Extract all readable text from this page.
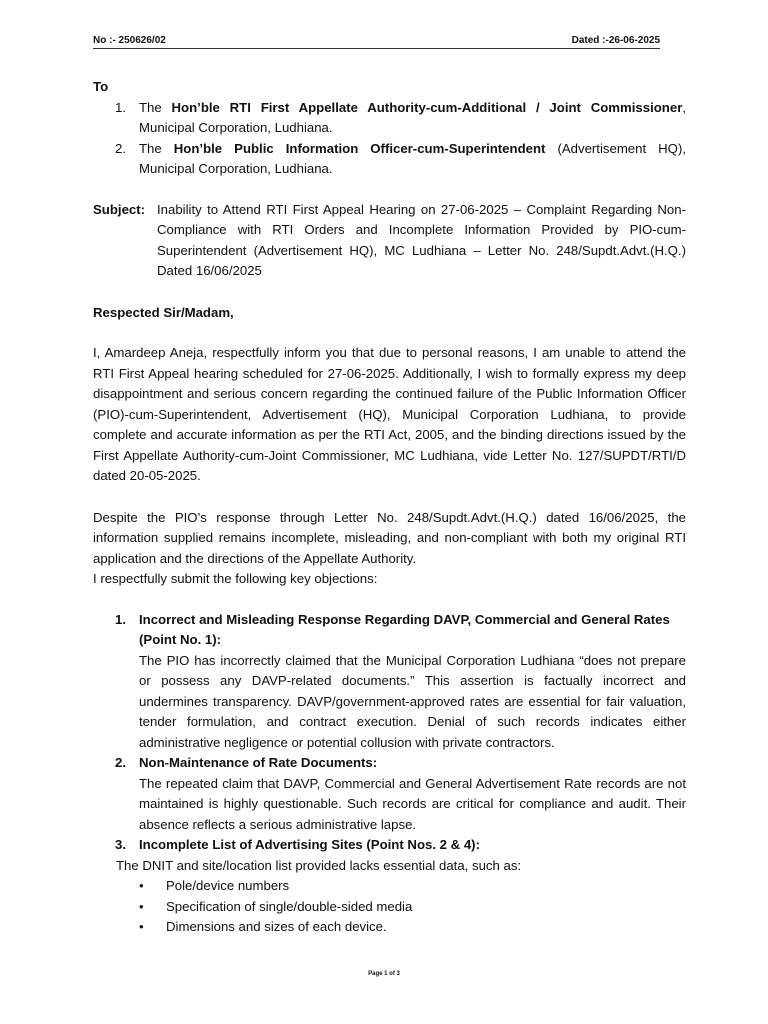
No :- 250626/02	Dated :-26-06-2025

To

1. The Hon’ble RTI First Appellate Authority-cum-Additional / Joint Commissioner, Municipal Corporation, Ludhiana.
2. The Hon’ble Public Information Officer-cum-Superintendent (Advertisement HQ), Municipal Corporation, Ludhiana.
Subject: Inability to Attend RTI First Appeal Hearing on 27-06-2025 – Complaint Regarding Non-Compliance with RTI Orders and Incomplete Information Provided by PIO-cum-Superintendent (Advertisement HQ), MC Ludhiana – Letter No. 248/Supdt.Advt.(H.Q.) Dated 16/06/2025
Respected Sir/Madam,

I, Amardeep Aneja, respectfully inform you that due to personal reasons, I am unable to attend the RTI First Appeal hearing scheduled for 27-06-2025. Additionally, I wish to formally express my deep disappointment and serious concern regarding the continued failure of the Public Information Officer (PIO)-cum-Superintendent, Advertisement (HQ), Municipal Corporation Ludhiana, to provide complete and accurate information as per the RTI Act, 2005, and the binding directions issued by the First Appellate Authority-cum-Joint Commissioner, MC Ludhiana, vide Letter No. 127/SUPDT/RTI/D dated 20-05-2025.

Despite the PIO’s response through Letter No. 248/Supdt.Advt.(H.Q.) dated 16/06/2025, the information supplied remains incomplete, misleading, and non-compliant with both my original RTI application and the directions of the Appellate Authority.

I respectfully submit the following key objections:

1. Incorrect and Misleading Response Regarding DAVP, Commercial and General Rates (Point No. 1):
The PIO has incorrectly claimed that the Municipal Corporation Ludhiana “does not prepare or possess any DAVP-related documents.” This assertion is factually incorrect and undermines transparency. DAVP/government-approved rates are essential for fair valuation, tender formulation, and contract execution. Denial of such records indicates either administrative negligence or potential collusion with private contractors.
2. Non-Maintenance of Rate Documents:
The repeated claim that DAVP, Commercial and General Advertisement Rate records are not maintained is highly questionable. Such records are critical for compliance and audit. Their absence reflects a serious administrative lapse.
3. Incomplete List of Advertising Sites (Point Nos. 2 & 4):
The DNIT and site/location list provided lacks essential data, such as:
•	Pole/device numbers
•	Specification of single/double-sided media
•	Dimensions and sizes of each device.
Page 1 of 3
